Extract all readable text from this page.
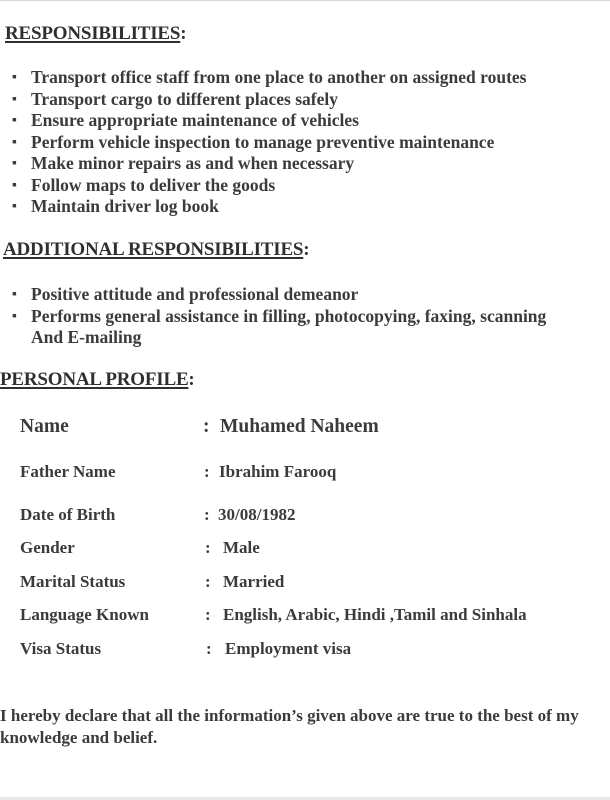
RESPONSIBILITIES:
▪ Transport office staff from one place to another on assigned routes
▪ Transport cargo to different places safely
▪ Ensure appropriate maintenance of vehicles
▪ Perform vehicle inspection to manage preventive maintenance
▪ Make minor repairs as and when necessary
▪ Follow maps to deliver the goods
▪ Maintain driver log book
ADDITIONAL RESPONSIBILITIES:
▪ Positive attitude and professional demeanor
▪ Performs general assistance in filling, photocopying, faxing, scanning
And E-mailing
PERSONAL PROFILE:
Name	: Muhamed Naheem
Father Name	: Ibrahim Farooq
Date of Birth	: 30/08/1982
Gender	: Male
Marital Status	: Married
Language Known	: English, Arabic, Hindi ,Tamil and Sinhala
Visa Status	: Employment visa
I hereby declare that all the information’s given above are true to the best of my knowledge and belief.
